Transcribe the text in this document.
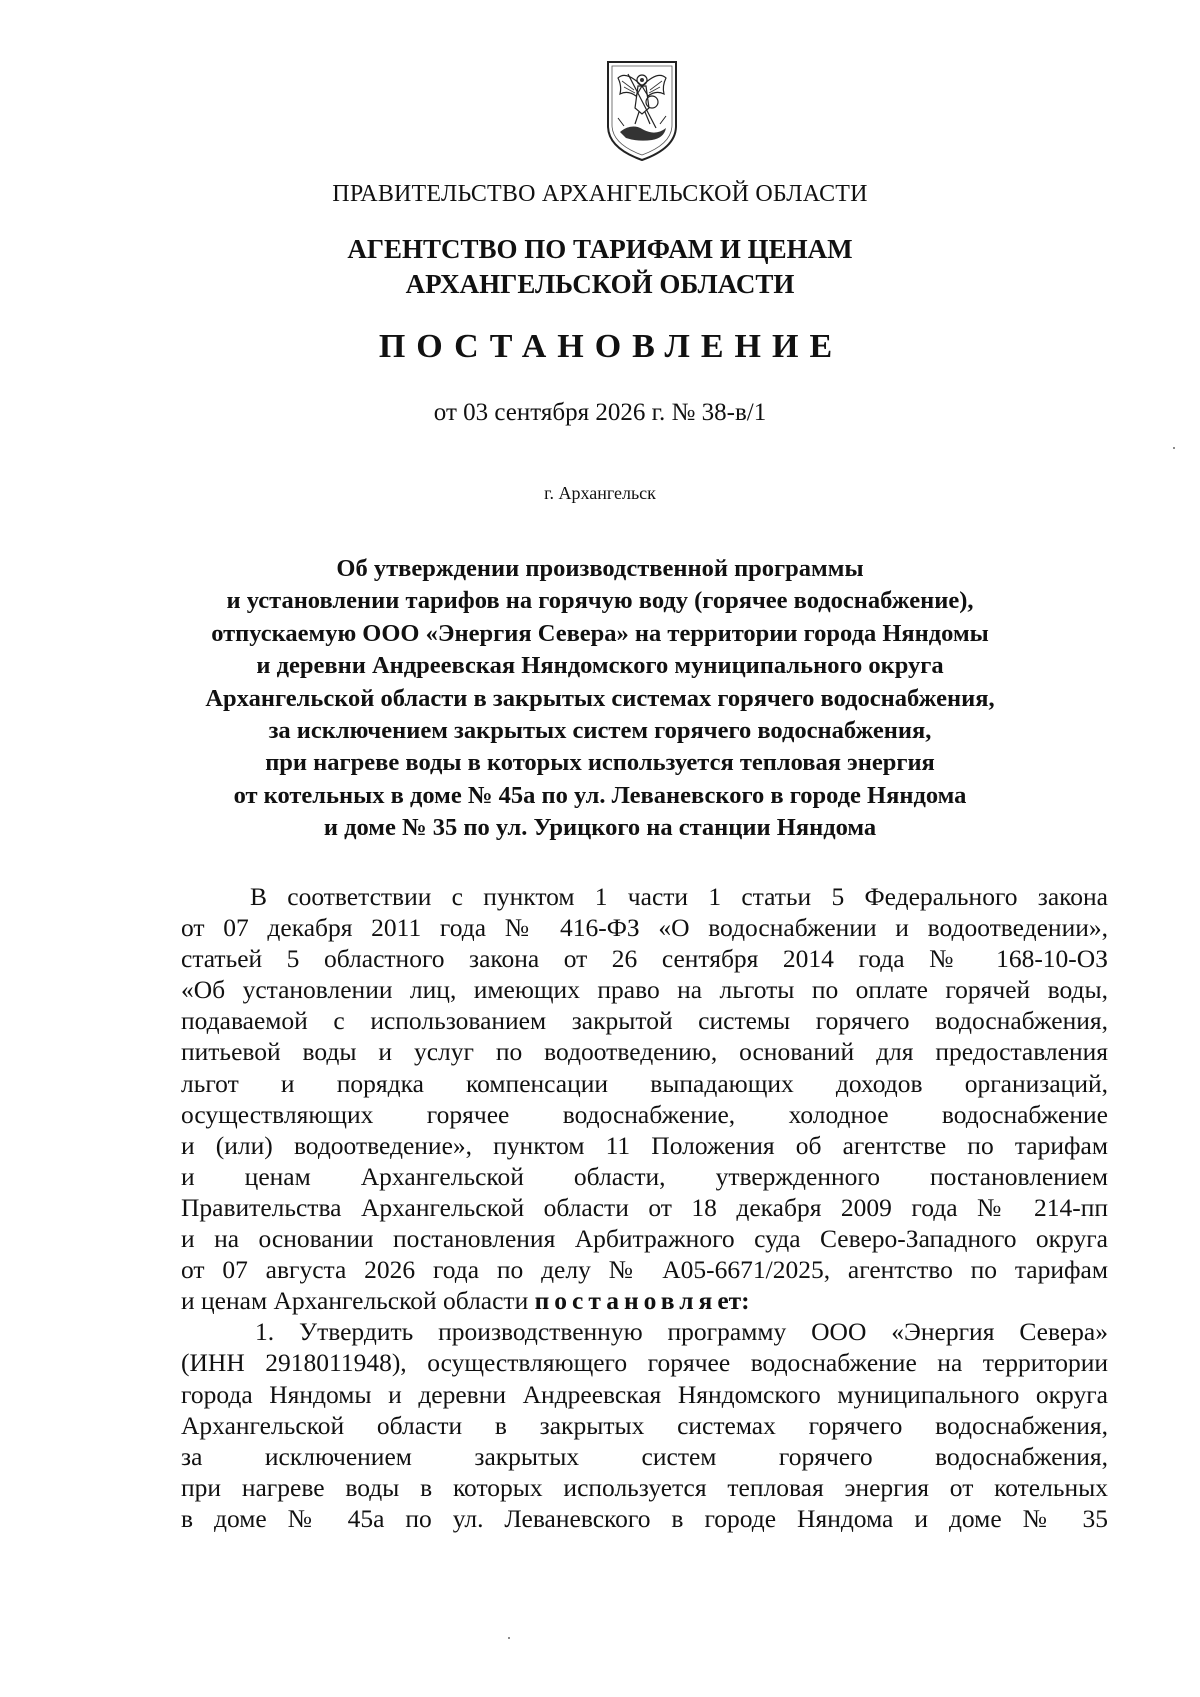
ПРАВИТЕЛЬСТВО АРХАНГЕЛЬСКОЙ ОБЛАСТИ
АГЕНТСТВО ПО ТАРИФАМ И ЦЕНАМ
АРХАНГЕЛЬСКОЙ ОБЛАСТИ
ПОСТАНОВЛЕНИЕ
от 03 сентября 2026 г. № 38-в/1
г. Архангельск
Об утверждении производственной программы
и установлении тарифов на горячую воду (горячее водоснабжение),
отпускаемую ООО «Энергия Севера» на территории города Няндомы
и деревни Андреевская Няндомского муниципального округа
Архангельской области в закрытых системах горячего водоснабжения,
за исключением закрытых систем горячего водоснабжения,
при нагреве воды в которых используется тепловая энергия
от котельных в доме № 45а по ул. Леваневского в городе Няндома
и доме № 35 по ул. Урицкого на станции Няндома
В соответствии с пунктом 1 части 1 статьи 5 Федерального закона
от 07 декабря 2011 года № 416-ФЗ «О водоснабжении и водоотведении»,
статьей 5 областного закона от 26 сентября 2014 года № 168-10-ОЗ
«Об установлении лиц, имеющих право на льготы по оплате горячей воды,
подаваемой с использованием закрытой системы горячего водоснабжения,
питьевой воды и услуг по водоотведению, оснований для предоставления
льгот и порядка компенсации выпадающих доходов организаций,
осуществляющих горячее водоснабжение, холодное водоснабжение
и (или) водоотведение», пунктом 11 Положения об агентстве по тарифам
и ценам Архангельской области, утвержденного постановлением
Правительства Архангельской области от 18 декабря 2009 года № 214-пп
и на основании постановления Арбитражного суда Северо-Западного округа
от 07 августа 2026 года по делу № А05-6671/2025, агентство по тарифам
и ценам Архангельской области постановляет:
1. Утвердить производственную программу ООО «Энергия Севера»
(ИНН 2918011948), осуществляющего горячее водоснабжение на территории
города Няндомы и деревни Андреевская Няндомского муниципального округа
Архангельской области в закрытых системах горячего водоснабжения,
за исключением закрытых систем горячего водоснабжения,
при нагреве воды в которых используется тепловая энергия от котельных
в доме № 45а по ул. Леваневского в городе Няндома и доме № 35
